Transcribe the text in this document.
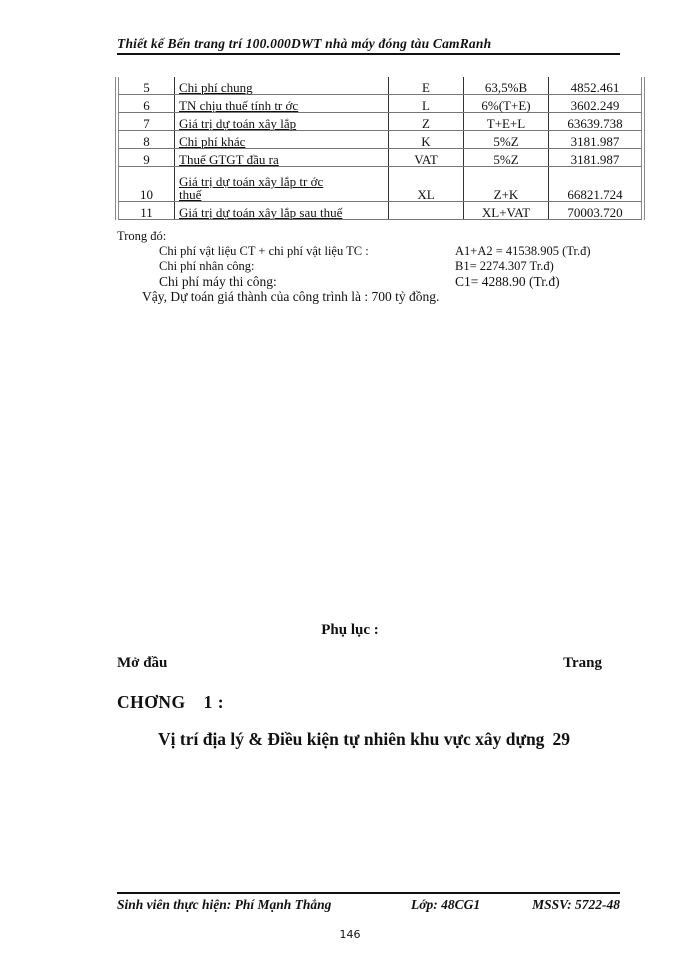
Thiết kế Bến trang trí 100.000DWT nhà máy đóng tàu CamRanh
5	Chi phí chung	E	63,5%B	4852.461
6	TN chịu thuế tính tr ớc	L	6%(T+E)	3602.249
7	Giá trị dự toán xây lắp	Z	T+E+L	63639.738
8	Chi phí khác	K	5%Z	3181.987
9	Thuế GTGT đầu ra	VAT	5%Z	3181.987
10	Giá trị dự toán xây lắp tr ớc
thuế	XL	Z+K	66821.724
11	Giá trị dự toán xây lắp sau thuế		XL+VAT	70003.720
Trong đó:
Chi phí vật liệu CT + chi phí vật liệu TC :	A1+A2 = 41538.905 (Tr.đ)
Chi phí nhân công:	B1= 2274.307 Tr.đ)
Chi phí máy thi công:	C1= 4288.90 (Tr.đ)
Vậy, Dự toán giá thành của công trình là : 700 tỷ đồng.
Phụ lục :
Mở đầu	Trang
CHƠNG 1 :
Vị trí địa lý & Điều kiện tự nhiên khu vực xây dựng 29
Sinh viên thực hiện: Phí Mạnh Thắng	Lớp: 48CG1	MSSV: 5722-48
146
